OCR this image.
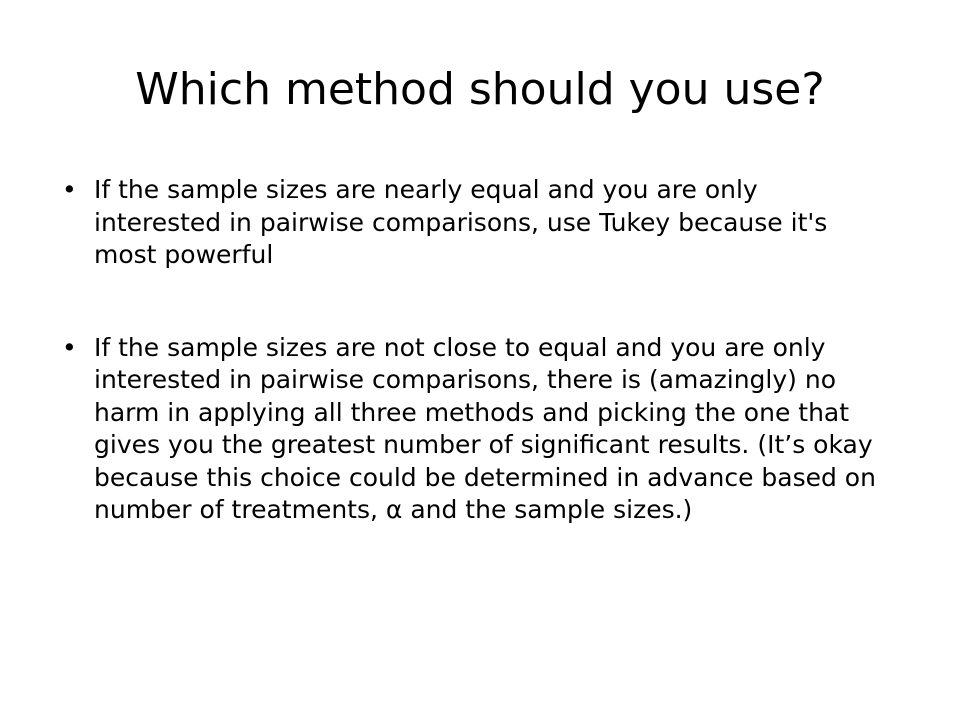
Which method should you use?
• If the sample sizes are nearly equal and you are only interested in pairwise comparisons, use Tukey because it's most powerful
• If the sample sizes are not close to equal and you are only interested in pairwise comparisons, there is (amazingly) no harm in applying all three methods and picking the one that gives you the greatest number of significant results. (It’s okay because this choice could be determined in advance based on number of treatments, α and the sample sizes.)
